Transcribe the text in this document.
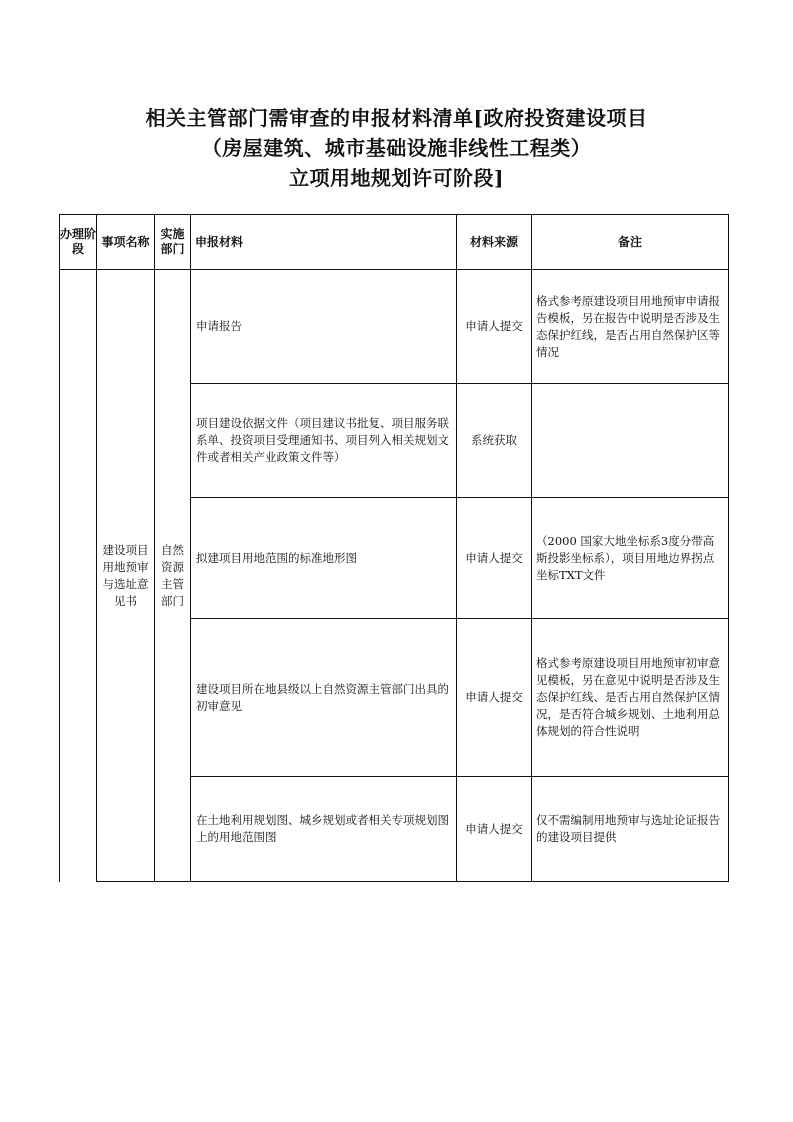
相关主管部门需审查的申报材料清单[政府投资建设项目
（房屋建筑、城市基础设施非线性工程类）
立项用地规划许可阶段]
办理阶段	事项名称	实施部门	申报材料	材料来源	备注
	建设项目用地预审与选址意见书	自然资源主管部门	申请报告	申请人提交	格式参考原建设项目用地预审申请报告模板，另在报告中说明是否涉及生态保护红线，是否占用自然保护区等情况
			项目建设依据文件（项目建议书批复、项目服务联系单、投资项目受理通知书、项目列入相关规划文件或者相关产业政策文件等）	系统获取	
			拟建项目用地范围的标准地形图	申请人提交	（2000 国家大地坐标系3度分带高斯投影坐标系），项目用地边界拐点坐标TXT文件
			建设项目所在地县级以上自然资源主管部门出具的初审意见	申请人提交	格式参考原建设项目用地预审初审意见模板，另在意见中说明是否涉及生态保护红线、是否占用自然保护区情况，是否符合城乡规划、土地利用总体规划的符合性说明
			在土地利用规划图、城乡规划或者相关专项规划图上的用地范围图	申请人提交	仅不需编制用地预审与选址论证报告的建设项目提供
